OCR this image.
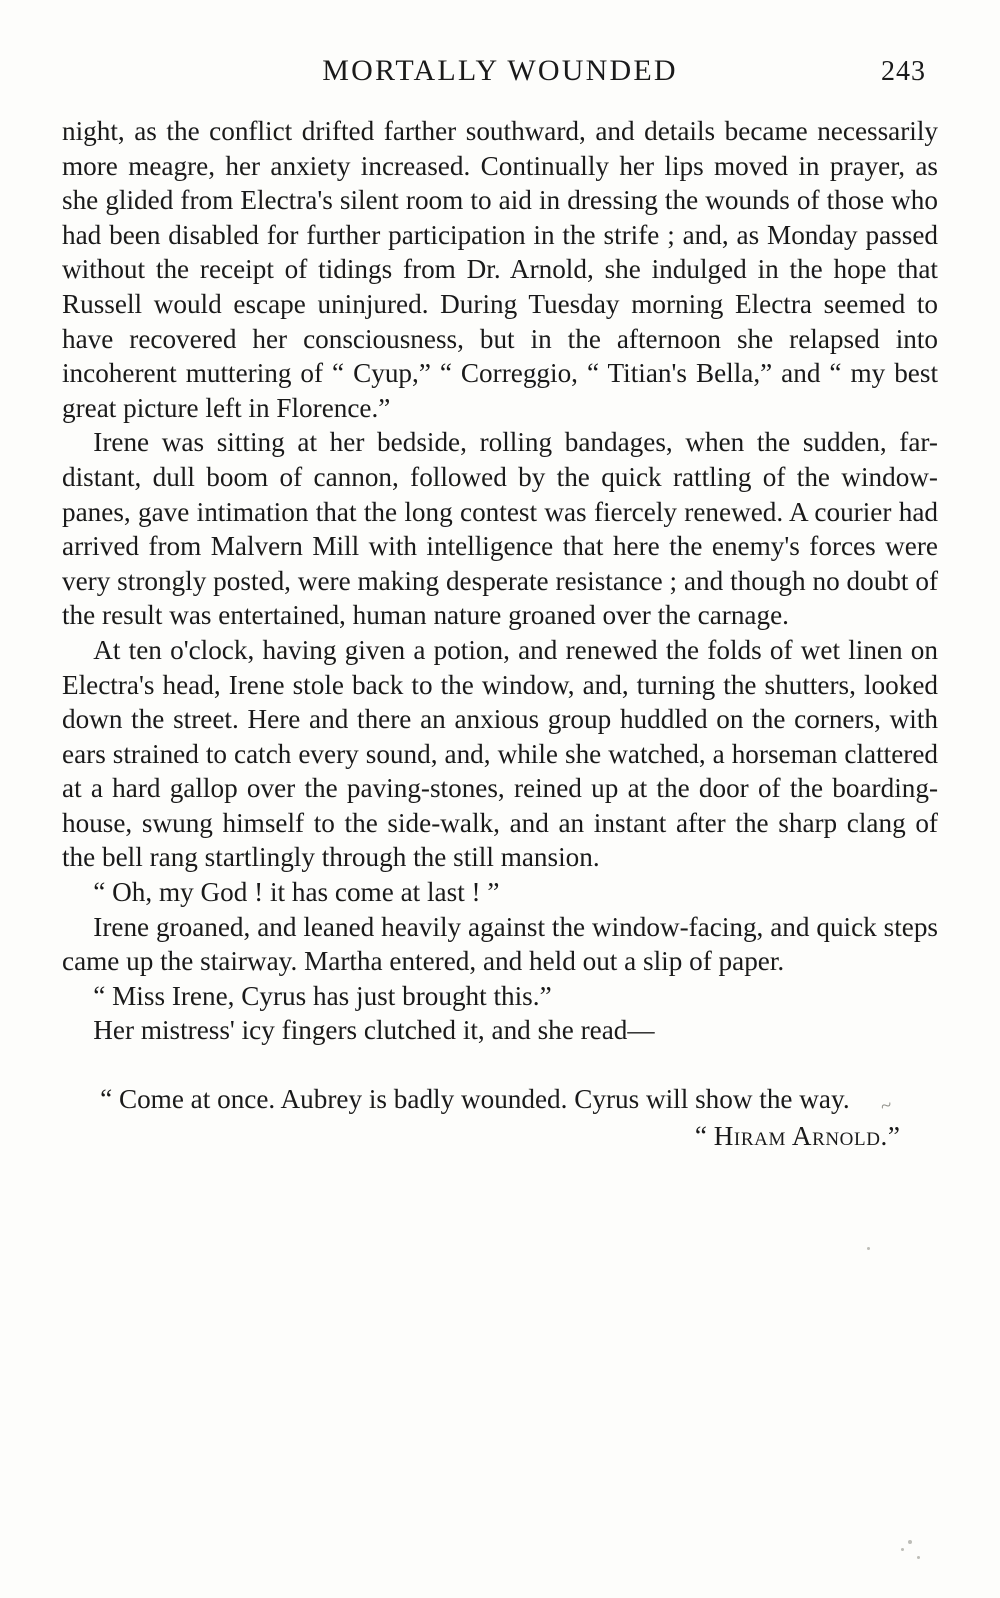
MORTALLY WOUNDED	243

night, as the conflict drifted farther southward, and details became necessarily more meagre, her anxiety increased. Continually her lips moved in prayer, as she glided from Electra's silent room to aid in dressing the wounds of those who had been disabled for further participation in the strife ; and, as Monday passed without the receipt of tidings from Dr. Arnold, she indulged in the hope that Russell would escape uninjured. During Tuesday morning Electra seemed to have recovered her consciousness, but in the afternoon she relapsed into incoherent muttering of “ Cyup,” “ Correggio, “ Titian's Bella,” and “ my best great picture left in Florence.”

Irene was sitting at her bedside, rolling bandages, when the sudden, far-distant, dull boom of cannon, followed by the quick rattling of the window-panes, gave intimation that the long contest was fiercely renewed. A courier had arrived from Malvern Mill with intelligence that here the enemy's forces were very strongly posted, were making desperate resistance ; and though no doubt of the result was entertained, human nature groaned over the carnage.

At ten o'clock, having given a potion, and renewed the folds of wet linen on Electra's head, Irene stole back to the window, and, turning the shutters, looked down the street. Here and there an anxious group huddled on the corners, with ears strained to catch every sound, and, while she watched, a horseman clattered at a hard gallop over the paving-stones, reined up at the door of the boarding-house, swung himself to the side-walk, and an instant after the sharp clang of the bell rang startlingly through the still mansion.

“ Oh, my God ! it has come at last ! ”

Irene groaned, and leaned heavily against the window-facing, and quick steps came up the stairway. Martha entered, and held out a slip of paper.

“ Miss Irene, Cyrus has just brought this.”

Her mistress' icy fingers clutched it, and she read—

“ Come at once. Aubrey is badly wounded. Cyrus will show the way.

“ Hiram Arnold.”
~
